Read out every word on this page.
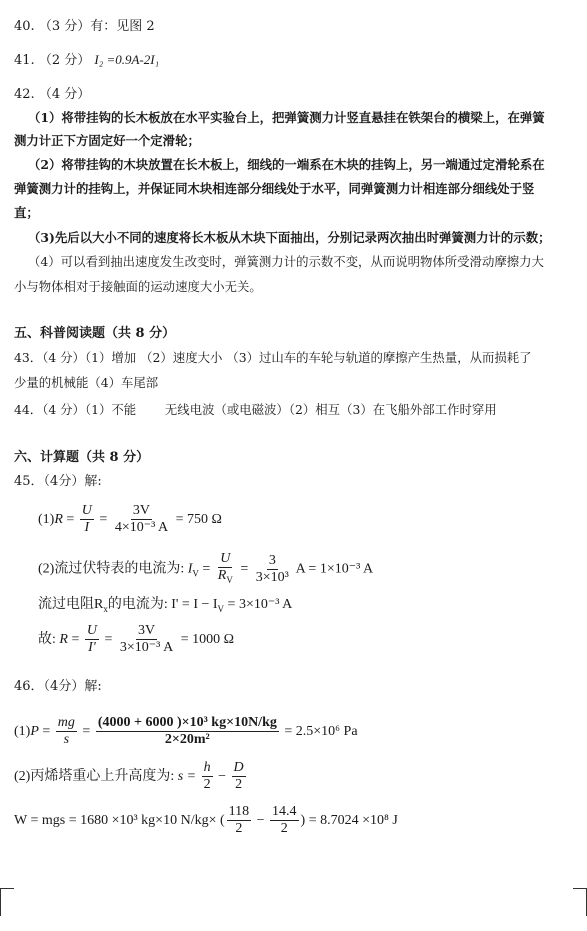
40. （3 分）有：见图 2
41. （2 分） I₂ =0.9A-2I₁
42. （4 分）
（1）将带挂钩的长木板放在水平实验台上，把弹簧测力计竖直悬挂在铁架台的横梁上，在弹簧
测力计正下方固定好一个定滑轮；
（2）将带挂钩的木块放置在长木板上，细线的一端系在木块的挂钩上，另一端通过定滑轮系在
弹簧测力计的挂钩上，并保证同木块相连部分细线处于水平，同弹簧测力计相连部分细线处于竖
直；
（3)先后以大小不同的速度将长木板从木块下面抽出，分别记录两次抽出时弹簧测力计的示数；
（4）可以看到抽出速度发生改变时，弹簧测力计的示数不变，从而说明物体所受滑动摩擦力大
小与物体相对于接触面的运动速度大小无关。
五、科普阅读题（共 8 分）
43．（4 分）（1）增加 （2）速度大小 （3）过山车的车轮与轨道的摩擦产生热量，从而损耗了
少量的机械能（4）车尾部
44．（4 分）（1）不能　　 无线电波（或电磁波）（2）相互（3）在飞船外部工作时穿用
六、计算题（共 8 分）
45．（4分）解:
$(1)R = \frac{U}{I} = \frac{3V}{\text{4×10⁻³ A}} = 750$ Ω
(2)流过伏特表的电流为: $I_V = \frac{U}{R_V} = \frac{3}{\text{3×10³}}$ A = 1×10⁻³ A
流过电阻$R_x$的电流为: $I' = I - I_V = 3\times 10^{-3}$ A
故: $R = \frac{U}{I'} = \frac{3V}{\text{3×10⁻³ A}} = 1000$ Ω
46．（4分）解:
$(1)P = \frac{mg}{s} = \frac{\text{(4000 + 6000 )×10³ kg×10N/kg}}{\text{2×20m²}} = 2.5\times 10^6$ Pa
(2)丙烯塔重心上升高度为: $s = \frac{h}{2} - \frac{D}{2}$
W = mgs = 1680 ×10³ kg×10 N/kg× ( $\frac{118}{2} - \frac{14.4}{2}$ ) = 8.7024 ×10⁸ J
